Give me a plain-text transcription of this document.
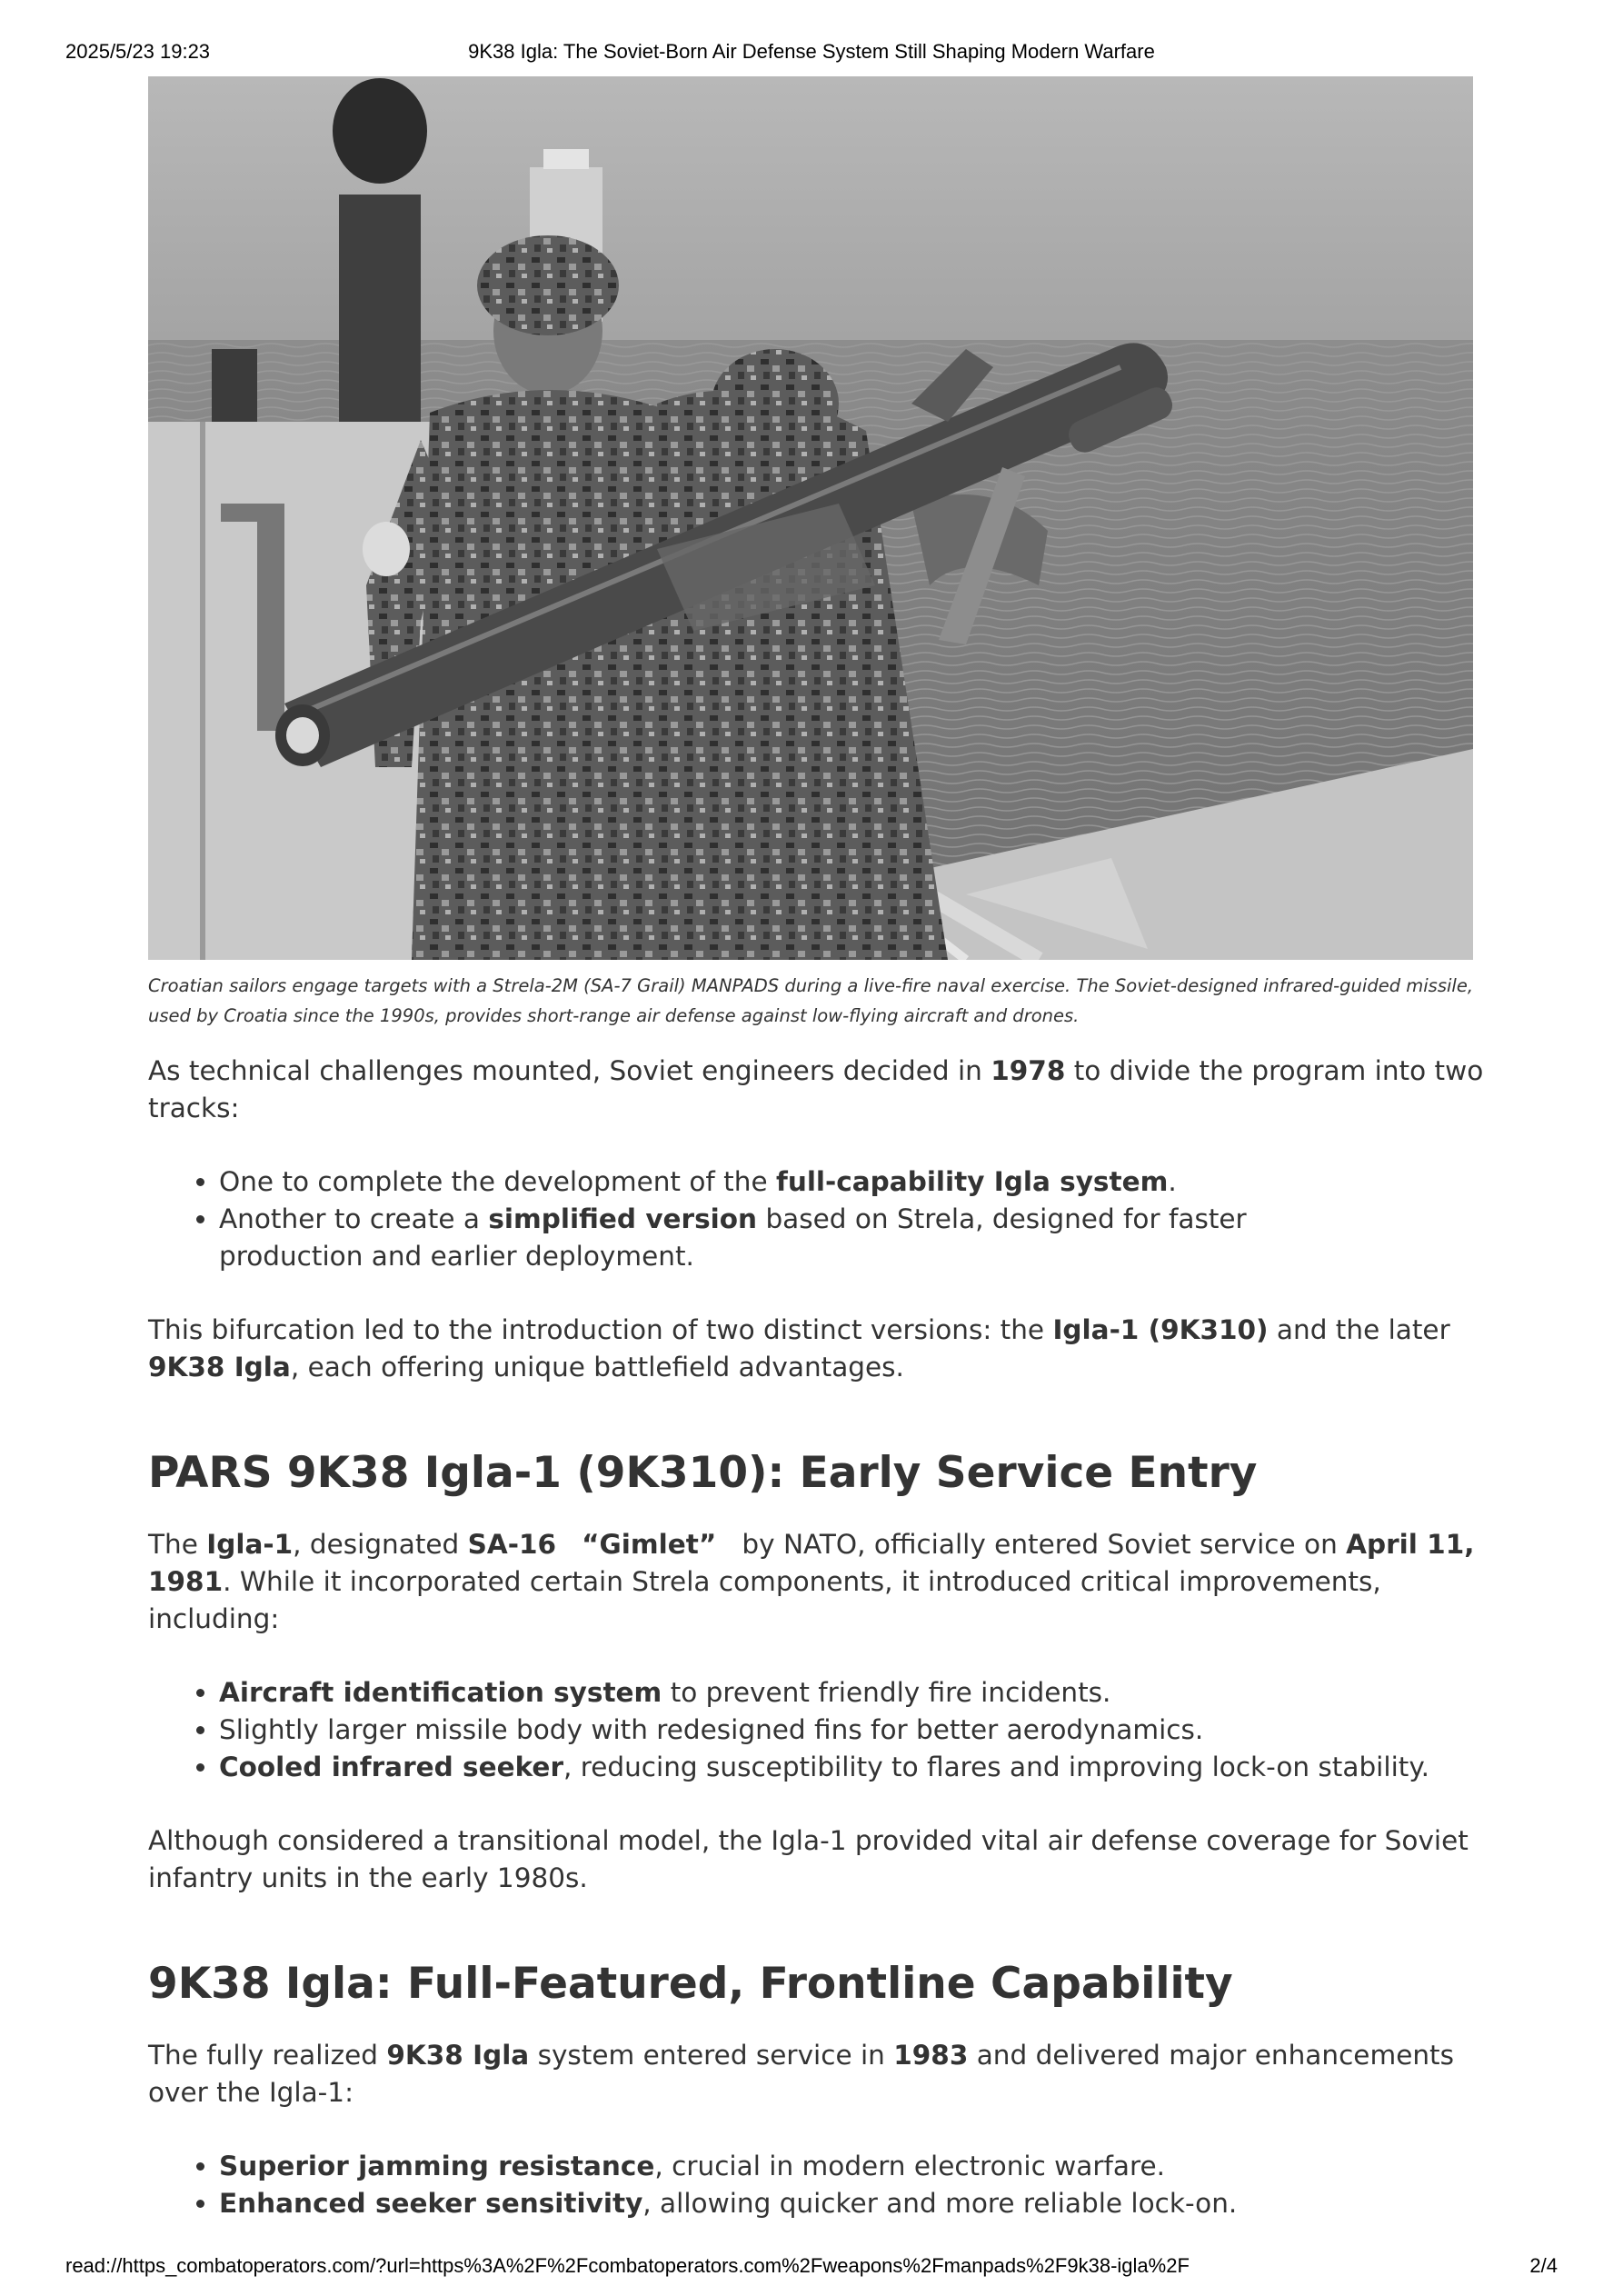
2025/5/23 19:23	9K38 Igla: The Soviet-Born Air Defense System Still Shaping Modern Warfare

Croatian sailors engage targets with a Strela-2M (SA-7 Grail) MANPADS during a live-fire naval exercise. The Soviet-designed infrared-guided missile, used by Croatia since the 1990s, provides short-range air defense against low-flying aircraft and drones.

As technical challenges mounted, Soviet engineers decided in 1978 to divide the program into two tracks:

• One to complete the development of the full-capability Igla system.
• Another to create a simplified version based on Strela, designed for faster production and earlier deployment.

This bifurcation led to the introduction of two distinct versions: the Igla-1 (9K310) and the later 9K38 Igla, each offering unique battlefield advantages.

PARS 9K38 Igla-1 (9K310): Early Service Entry

The Igla-1, designated SA-16 “Gimlet”   by NATO, officially entered Soviet service on April 11, 1981. While it incorporated certain Strela components, it introduced critical improvements, including:

• Aircraft identification system to prevent friendly fire incidents.
• Slightly larger missile body with redesigned fins for better aerodynamics.
• Cooled infrared seeker, reducing susceptibility to flares and improving lock-on stability.

Although considered a transitional model, the Igla-1 provided vital air defense coverage for Soviet infantry units in the early 1980s.

9K38 Igla: Full-Featured, Frontline Capability

The fully realized 9K38 Igla system entered service in 1983 and delivered major enhancements over the Igla-1:

• Superior jamming resistance, crucial in modern electronic warfare.
• Enhanced seeker sensitivity, allowing quicker and more reliable lock-on.
read://https_combatoperators.com/?url=https%3A%2F%2Fcombatoperators.com%2Fweapons%2Fmanpads%2F9k38-igla%2F	2/4
